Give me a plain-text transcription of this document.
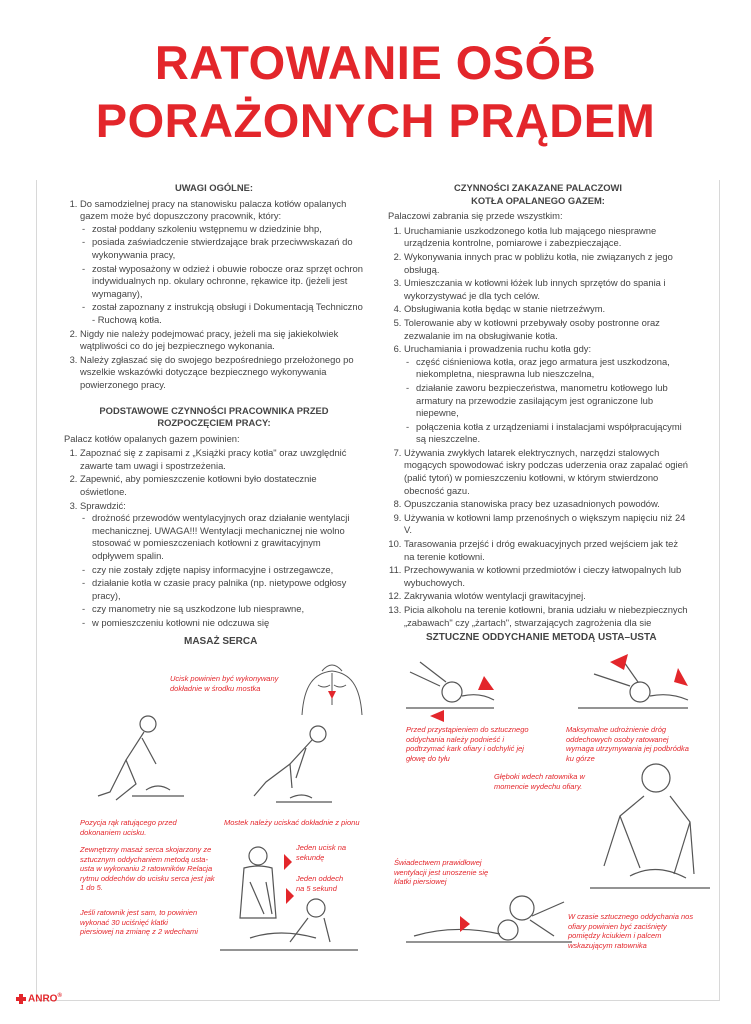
RATOWANIE OSÓB
PORAŻONYCH PRĄDEM
UWAGI OGÓLNE:
1. Do samodzielnej pracy na stanowisku palacza kotłów opalanych gazem może być dopuszczony pracownik, który:
- został poddany szkoleniu wstępnemu w dziedzinie bhp,
- posiada zaświadczenie stwierdzające brak przeciwwskazań do wykonywania pracy,
- został wyposażony w odzież i obuwie robocze oraz sprzęt ochron indywidualnych np. okulary ochronne, rękawice itp. (jeżeli jest wymagany),
- został zapoznany z instrukcją obsługi i Dokumentacją Techniczno - Ruchową kotła.
2. Nigdy nie należy podejmować pracy, jeżeli ma się jakiekolwiek wątpliwości co do jej bezpiecznego wykonania.
3. Należy zgłaszać się do swojego bezpośredniego przełożonego po wszelkie wskazówki dotyczące bezpiecznego wykonywania powierzonego pracy.
PODSTAWOWE CZYNNOŚCI PRACOWNIKA PRZED
ROZPOCZĘCIEM PRACY:
Palacz kotłów opalanych gazem powinien:
1. Zapoznać się z zapisami z „Książki pracy kotła" oraz uwzględnić zawarte tam uwagi i spostrzeżenia.
2. Zapewnić, aby pomieszczenie kotłowni było dostatecznie oświetlone.
3. Sprawdzić:
- drożność przewodów wentylacyjnych oraz działanie wentylacji mechanicznej. UWAGA!!! Wentylacji mechanicznej nie wolno stosować w pomieszczeniach kotłowni z grawitacyjnym odpływem spalin.
- czy nie zostały zdjęte napisy informacyjne i ostrzegawcze,
- działanie kotła w czasie pracy palnika (np. nietypowe odgłosy pracy),
- czy manometry nie są uszkodzone lub niesprawne,
- w pomieszczeniu kotłowni nie odczuwa się
CZYNNOŚCI ZAKAZANE PALACZOWI
KOTŁA OPALANEGO GAZEM:
Palaczowi zabrania się przede wszystkim:
1. Uruchamianie uszkodzonego kotła lub mającego niesprawne urządzenia kontrolne, pomiarowe i zabezpieczające.
2. Wykonywania innych prac w pobliżu kotła, nie związanych z jego obsługą.
3. Umieszczania w kotłowni łóżek lub innych sprzętów do spania i wykorzystywać je dla tych celów.
4. Obsługiwania kotła będąc w stanie nietrzeźwym.
5. Tolerowanie aby w kotłowni przebywały osoby postronne oraz zezwalanie im na obsługiwanie kotła.
6. Uruchamiania i prowadzenia ruchu kotła gdy:
- część ciśnieniowa kotła, oraz jego armatura jest uszkodzona, niekompletna, niesprawna lub nieszczelna,
- działanie zaworu bezpieczeństwa, manometru kotłowego lub armatury na przewodzie zasilającym jest ograniczone lub niepewne,
- połączenia kotła z urządzeniami i instalacjami współpracującymi są nieszczelne.
7. Używania zwykłych latarek elektrycznych, narzędzi stalowych mogących spowodować iskry podczas uderzenia oraz zapalać ogień (palić tytoń) w pomieszczeniu kotłowni, w którym stwierdzono obecność gazu.
8. Opuszczania stanowiska pracy bez uzasadnionych powodów.
9. Używania w kotłowni lamp przenośnych o większym napięciu niż 24 V.
10. Tarasowania przejść i dróg ewakuacyjnych przed wejściem jak też na terenie kotłowni.
11. Przechowywania w kotłowni przedmiotów i cieczy łatwopalnych lub wybuchowych.
12. Zakrywania wlotów wentylacji grawitacyjnej.
13. Picia alkoholu na terenie kotłowni, brania udziału w niebezpiecznych „zabawach" czy „żartach", stwarzających zagrożenia dla sie
MASAŻ SERCA
Ucisk powinien być wykonywany dokładnie w środku mostka
Pozycja rąk ratującego przed dokonaniem ucisku.
Mostek należy uciskać dokładnie z pionu
Zewnętrzny masaż serca skojarzony ze sztucznym oddychaniem metodą usta-usta w wykonaniu 2 ratowników Relacja rytmu oddechów do ucisku serca jest jak 1 do 5.
Jeden ucisk na sekundę
Jeden oddech na 5 sekund
Jeśli ratownik jest sam, to powinien wykonać 30 uciśnięć klatki piersiowej na zmianę z 2 wdechami
SZTUCZNE ODDYCHANIE METODĄ USTA–USTA
Przed przystąpieniem do sztucznego oddychania należy podnieść i podtrzymać kark ofiary i odchylić jej głowę do tyłu
Maksymalne udrożnienie dróg oddechowych osoby ratowanej wymaga utrzymywania jej podbródka ku górze
Głęboki wdech ratownika w momencie wydechu ofiary.
Świadectwem prawidłowej wentylacji jest unoszenie się klatki piersiowej
W czasie sztucznego oddychania nos ofiary powinien być zaciśnięty pomiędzy kciukiem i palcem wskazującym ratownika
ANRO®
